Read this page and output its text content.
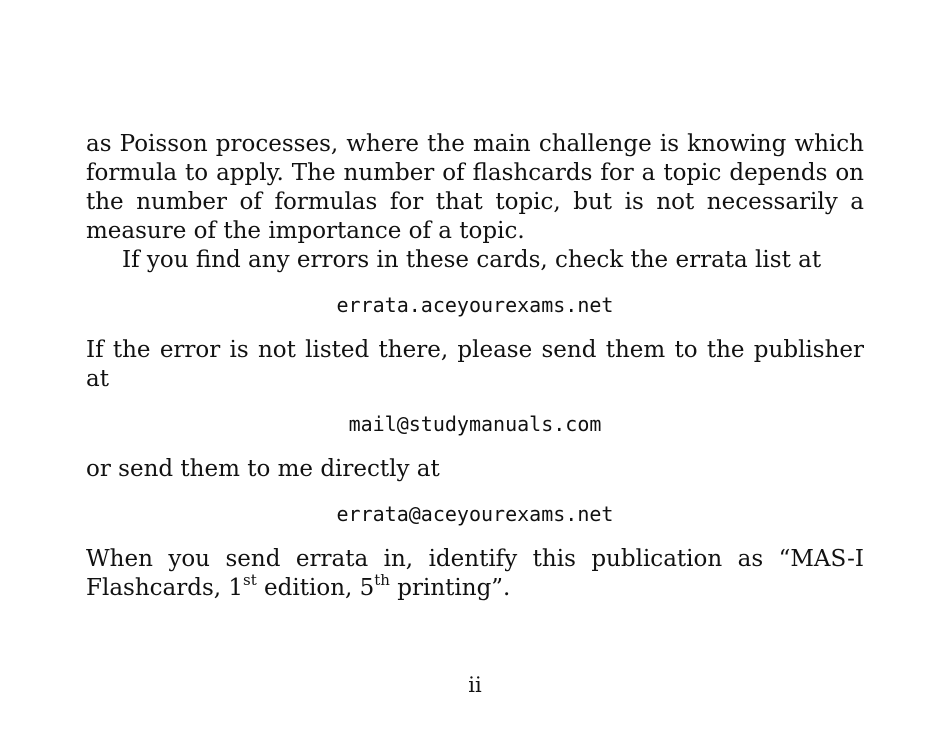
as Poisson processes, where the main challenge is knowing which formula to apply. The number of flashcards for a topic depends on the number of formulas for that topic, but is not necessarily a measure of the importance of a topic.

If you find any errors in these cards, check the errata list at

errata.aceyourexams.net

If the error is not listed there, please send them to the publisher at

mail@studymanuals.com

or send them to me directly at

errata@aceyourexams.net

When you send errata in, identify this publication as “MAS-I Flashcards, 1st edition, 5th printing”.

ii
